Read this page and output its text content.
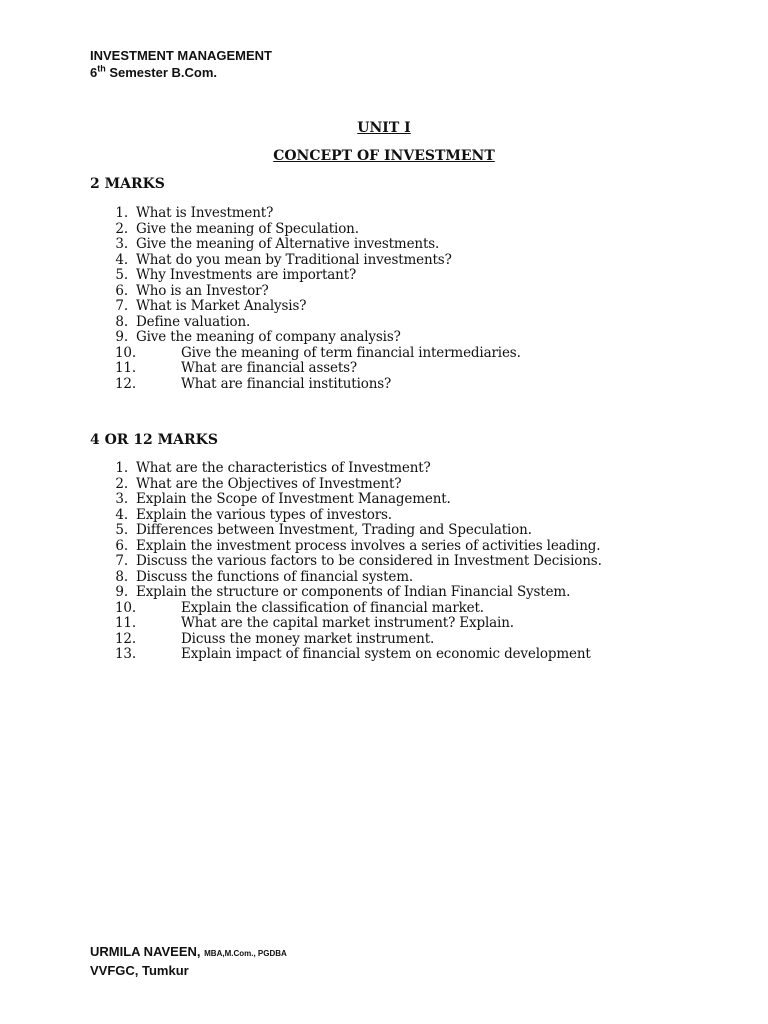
INVESTMENT MANAGEMENT
6th Semester B.Com.
UNIT I
CONCEPT OF INVESTMENT
2 MARKS
1. What is Investment?
2. Give the meaning of Speculation.
3. Give the meaning of Alternative investments.
4. What do you mean by Traditional investments?
5. Why Investments are important?
6. Who is an Investor?
7. What is Market Analysis?
8. Define valuation.
9. Give the meaning of company analysis?
10.	Give the meaning of term financial intermediaries.
11.	What are financial assets?
12.	What are financial institutions?
4 OR 12 MARKS
1. What are the characteristics of Investment?
2. What are the Objectives of Investment?
3. Explain the Scope of Investment Management.
4. Explain the various types of investors.
5. Differences between Investment, Trading and Speculation.
6. Explain the investment process involves a series of activities leading.
7. Discuss the various factors to be considered in Investment Decisions.
8. Discuss the functions of financial system.
9. Explain the structure or components of Indian Financial System.
10.	Explain the classification of financial market.
11.	What are the capital market instrument? Explain.
12.	Dicuss the money market instrument.
13.	Explain impact of financial system on economic development
URMILA NAVEEN, MBA,M.Com., PGDBA
VVFGC, Tumkur
